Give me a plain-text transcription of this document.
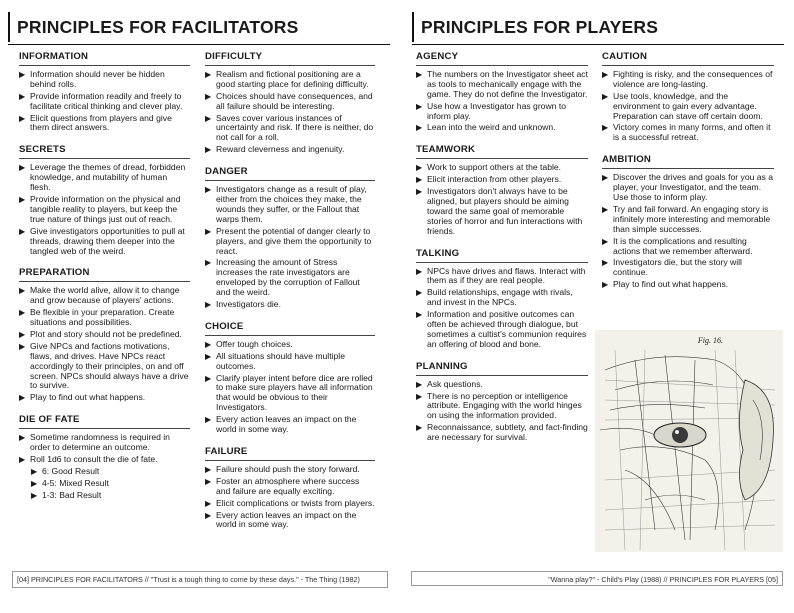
PRINCIPLES FOR FACILITATORS
INFORMATION
▶ Information should never be hidden behind rolls.
▶ Provide information readily and freely to facilitate critical thinking and clever play.
▶ Elicit questions from players and give them direct answers.
SECRETS
▶ Leverage the themes of dread, forbidden knowledge, and mutability of human flesh.
▶ Provide information on the physical and tangible reality to players, but keep the true nature of things just out of reach.
▶ Give investigators opportunities to pull at threads, drawing them deeper into the tangled web of the weird.
PREPARATION
▶ Make the world alive, allow it to change and grow because of players' actions.
▶ Be flexible in your preparation. Create situations and possibilities.
▶ Plot and story should not be predefined.
▶ Give NPCs and factions motivations, flaws, and drives. Have NPCs react accordingly to their principles, on and off screen. NPCs should always have a drive to survive.
▶ Play to find out what happens.
DIE OF FATE
▶ Sometime randomness is required in order to determine an outcome.
▶ Roll 1d6 to consult the die of fate.
▶ 6: Good Result
▶ 4-5: Mixed Result
▶ 1-3: Bad Result
DIFFICULTY
▶ Realism and fictional positioning are a good starting place for defining difficulty.
▶ Choices should have consequences, and all failure should be interesting.
▶ Saves cover various instances of uncertainty and risk. If there is neither, do not call for a roll.
▶ Reward cleverness and ingenuity.
DANGER
▶ Investigators change as a result of play, either from the choices they make, the wounds they suffer, or the Fallout that warps them.
▶ Present the potential of danger clearly to players, and give them the opportunity to react.
▶ Increasing the amount of Stress increases the rate investigators are enveloped by the corruption of Fallout and the weird.
▶ Investigators die.
CHOICE
▶ Offer tough choices.
▶ All situations should have multiple outcomes.
▶ Clarify player intent before dice are rolled to make sure players have all information that would be obvious to their Investigators.
▶ Every action leaves an impact on the world in some way.
FAILURE
▶ Failure should push the story forward.
▶ Foster an atmosphere where success and failure are equally exciting.
▶ Elicit complications or twists from players.
▶ Every action leaves an impact on the world in some way.
[04] PRINCIPLES FOR FACILITATORS // "Trust is a tough thing to come by these days." - The Thing (1982)
PRINCIPLES FOR PLAYERS
AGENCY
▶ The numbers on the Investigator sheet act as tools to mechanically engage with the game. They do not define the Investigator.
▶ Use how a Investigator has grown to inform play.
▶ Lean into the weird and unknown.
TEAMWORK
▶ Work to support others at the table.
▶ Elicit interaction from other players.
▶ Investigators don't always have to be aligned, but players should be aiming toward the same goal of memorable stories of horror and fun interactions with friends.
TALKING
▶ NPCs have drives and flaws. Interact with them as if they are real people.
▶ Build relationships, engage with rivals, and invest in the NPCs.
▶ Information and positive outcomes can often be achieved through dialogue, but sometimes a cultist's communion requires an offering of blood and bone.
PLANNING
▶ Ask questions.
▶ There is no perception or intelligence attribute. Engaging with the world hinges on using the information provided.
▶ Reconnaissance, subtlety, and fact-finding are necessary for survival.
CAUTION
▶ Fighting is risky, and the consequences of violence are long-lasting.
▶ Use tools, knowledge, and the environment to gain every advantage. Preparation can stave off certain doom.
▶ Victory comes in many forms, and often it is a successful retreat.
AMBITION
▶ Discover the drives and goals for you as a player, your Investigator, and the team. Use those to inform play.
▶ Try and fail forward. An engaging story is infinitely more interesting and memorable than simple successes.
▶ It is the complications and resulting actions that we remember afterward.
▶ Investigators die, but the story will continue.
▶ Play to find out what happens.
Fig. 16.
"Wanna play?" - Child's Play (1988) // PRINCIPLES FOR PLAYERS [05]
